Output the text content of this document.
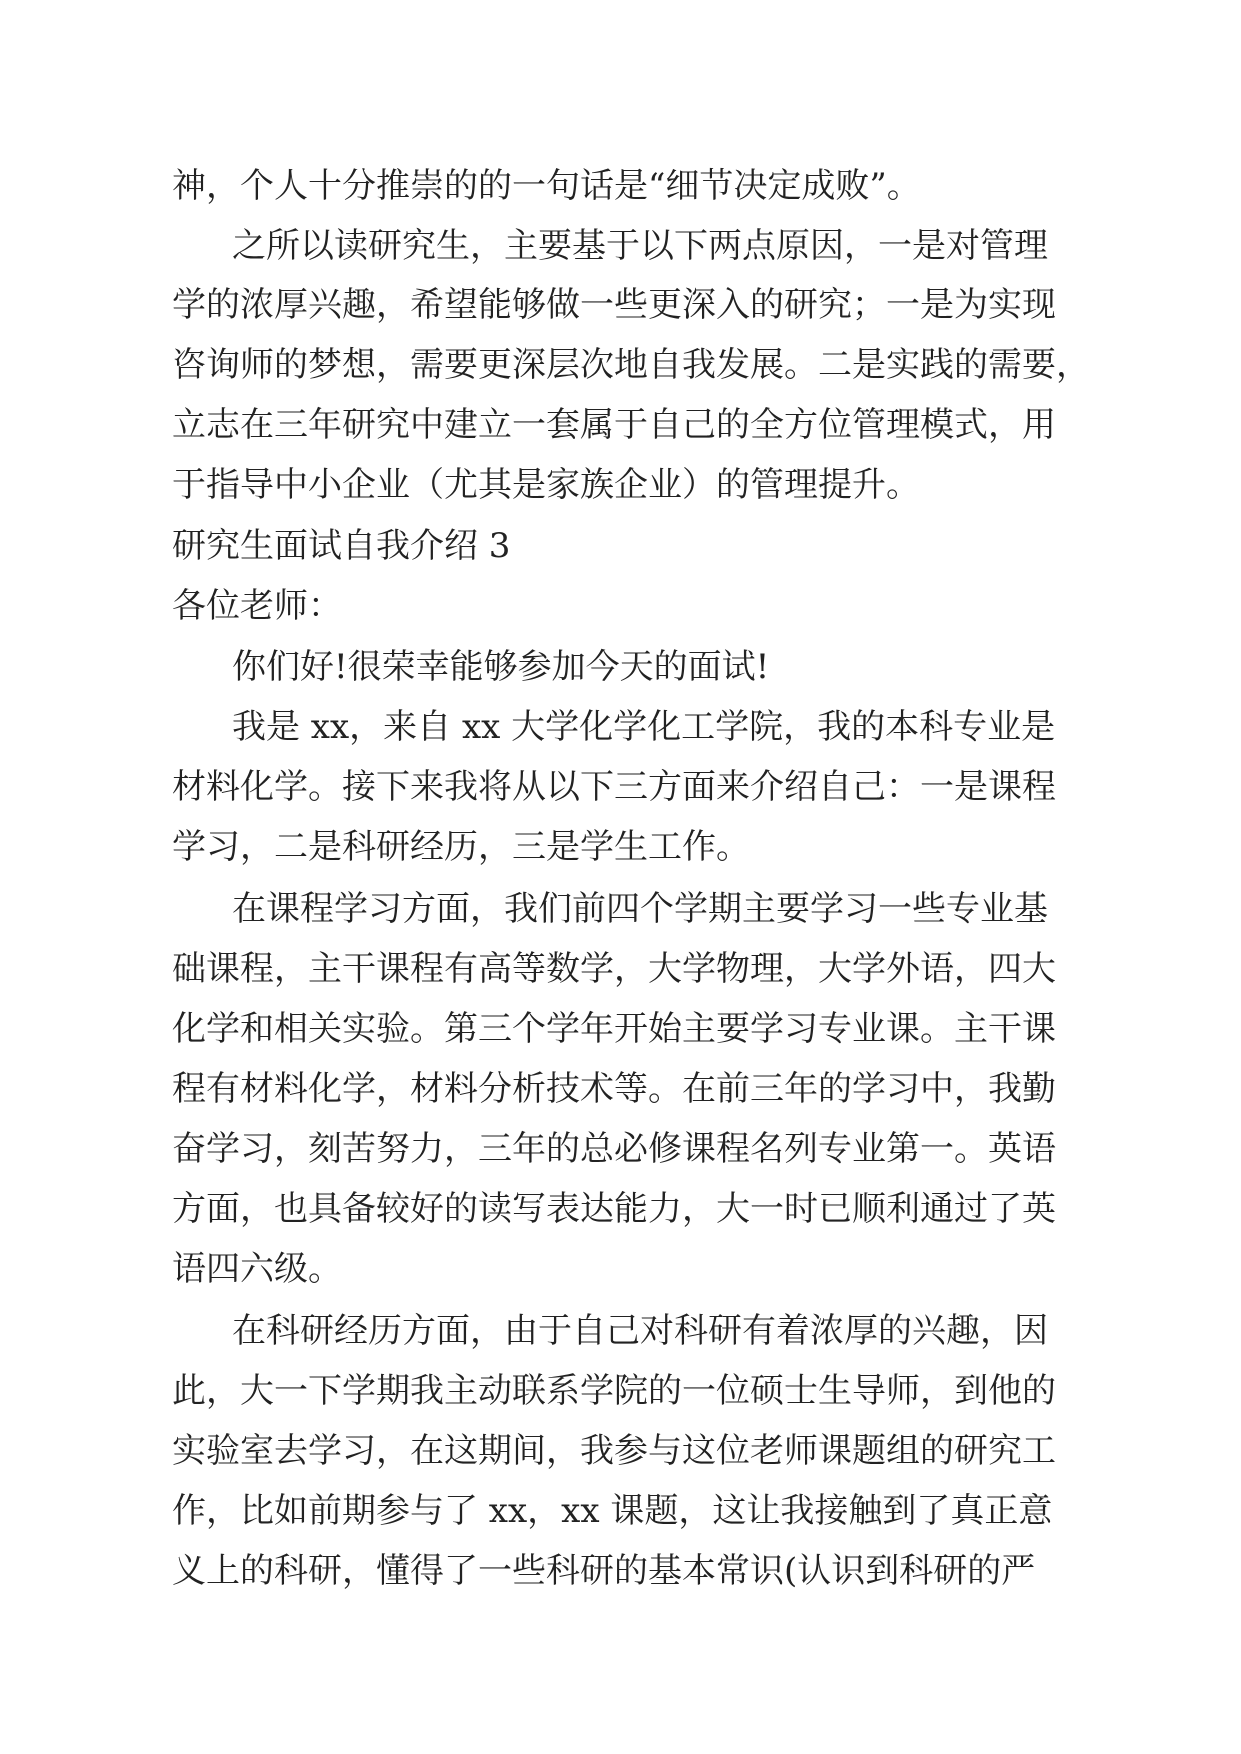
神，个人十分推崇的的一句话是“细节决定成败”。
之所以读研究生，主要基于以下两点原因，一是对管理
学的浓厚兴趣，希望能够做一些更深入的研究；一是为实现
咨询师的梦想，需要更深层次地自我发展。二是实践的需要，
立志在三年研究中建立一套属于自己的全方位管理模式，用
于指导中小企业（尤其是家族企业）的管理提升。
研究生面试自我介绍 3
各位老师：
你们好!很荣幸能够参加今天的面试!
我是 xx，来自 xx 大学化学化工学院，我的本科专业是
材料化学。接下来我将从以下三方面来介绍自己：一是课程
学习，二是科研经历，三是学生工作。
在课程学习方面，我们前四个学期主要学习一些专业基
础课程，主干课程有高等数学，大学物理，大学外语，四大
化学和相关实验。第三个学年开始主要学习专业课。主干课
程有材料化学，材料分析技术等。在前三年的学习中，我勤
奋学习，刻苦努力，三年的总必修课程名列专业第一。英语
方面，也具备较好的读写表达能力，大一时已顺利通过了英
语四六级。
在科研经历方面，由于自己对科研有着浓厚的兴趣，因
此，大一下学期我主动联系学院的一位硕士生导师，到他的
实验室去学习，在这期间，我参与这位老师课题组的研究工
作，比如前期参与了 xx，xx 课题，这让我接触到了真正意
义上的科研，懂得了一些科研的基本常识(认识到科研的严
